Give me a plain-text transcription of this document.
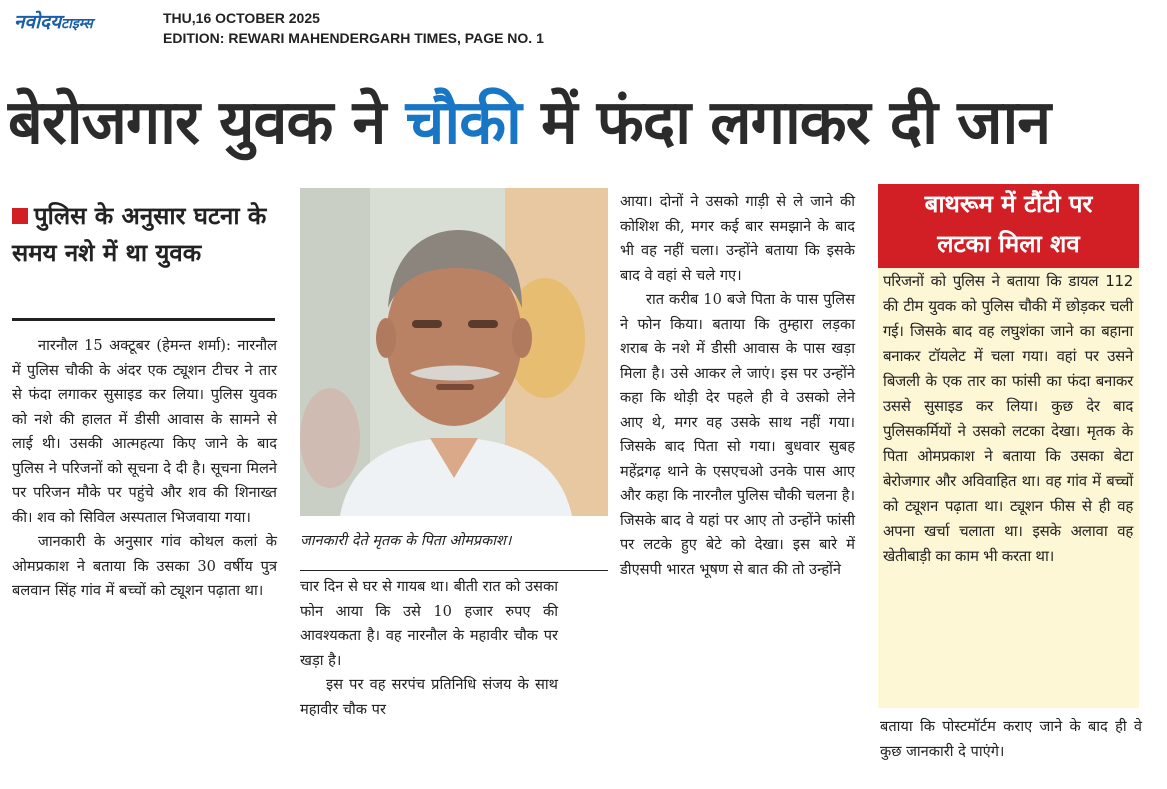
नवोदयटाइम्स	THU,16 OCTOBER 2025
EDITION: REWARI MAHENDERGARH TIMES, PAGE NO. 1
बेरोजगार युवक ने चौकी में फंदा लगाकर दी जान
पुलिस के अनुसार घटना के समय नशे में था युवक

नारनौल 15 अक्टूबर (हेमन्त शर्मा): नारनौल में पुलिस चौकी के अंदर एक ट्यूशन टीचर ने तार से फंदा लगाकर सुसाइड कर लिया। पुलिस युवक को नशे की हालत में डीसी आवास के सामने से लाई थी। उसकी आत्महत्या किए जाने के बाद पुलिस ने परिजनों को सूचना दे दी है। सूचना मिलने पर परिजन मौके पर पहुंचे और शव की शिनाख्त की। शव को सिविल अस्पताल भिजवाया गया।

जानकारी के अनुसार गांव कोथल कलां के ओमप्रकाश ने बताया कि उसका 30 वर्षीय पुत्र बलवान सिंह गांव में बच्चों को ट्यूशन पढ़ाता था।

जानकारी देते मृतक के पिता ओमप्रकाश।

चार दिन से घर से गायब था। बीती रात को उसका फोन आया कि उसे 10 हजार रुपए की आवश्यकता है। वह नारनौल के महावीर चौक पर खड़ा है।

इस पर वह सरपंच प्रतिनिधि संजय के साथ महावीर चौक पर

आया। दोनों ने उसको गाड़ी से ले जाने की कोशिश की, मगर कई बार समझाने के बाद भी वह नहीं चला। उन्होंने बताया कि इसके बाद वे वहां से चले गए।

रात करीब 10 बजे पिता के पास पुलिस ने फोन किया। बताया कि तुम्हारा लड़का शराब के नशे में डीसी आवास के पास खड़ा मिला है। उसे आकर ले जाएं। इस पर उन्होंने कहा कि थोड़ी देर पहले ही वे उसको लेने आए थे, मगर वह उसके साथ नहीं गया। जिसके बाद पिता सो गया। बुधवार सुबह महेंद्रगढ़ थाने के एसएचओ उनके पास आए और कहा कि नारनौल पुलिस चौकी चलना है। जिसके बाद वे यहां पर आए तो उन्होंने फांसी पर लटके हुए बेटे को देखा। इस बारे में डीएसपी भारत भूषण से बात की तो उन्होंने

बाथरूम में टौंटी पर
लटका मिला शव
परिजनों को पुलिस ने बताया कि डायल 112 की टीम युवक को पुलिस चौकी में छोड़कर चली गई। जिसके बाद वह लघुशंका जाने का बहाना बनाकर टॉयलेट में चला गया। वहां पर उसने बिजली के एक तार का फांसी का फंदा बनाकर उससे सुसाइड कर लिया। कुछ देर बाद पुलिसकर्मियों ने उसको लटका देखा। मृतक के पिता ओमप्रकाश ने बताया कि उसका बेटा बेरोजगार और अविवाहित था। वह गांव में बच्चों को ट्यूशन पढ़ाता था। ट्यूशन फीस से ही वह अपना खर्चा चलाता था। इसके अलावा वह खेतीबाड़ी का काम भी करता था।
बताया कि पोस्टमॉर्टम कराए जाने के बाद ही वे कुछ जानकारी दे पाएंगे।
